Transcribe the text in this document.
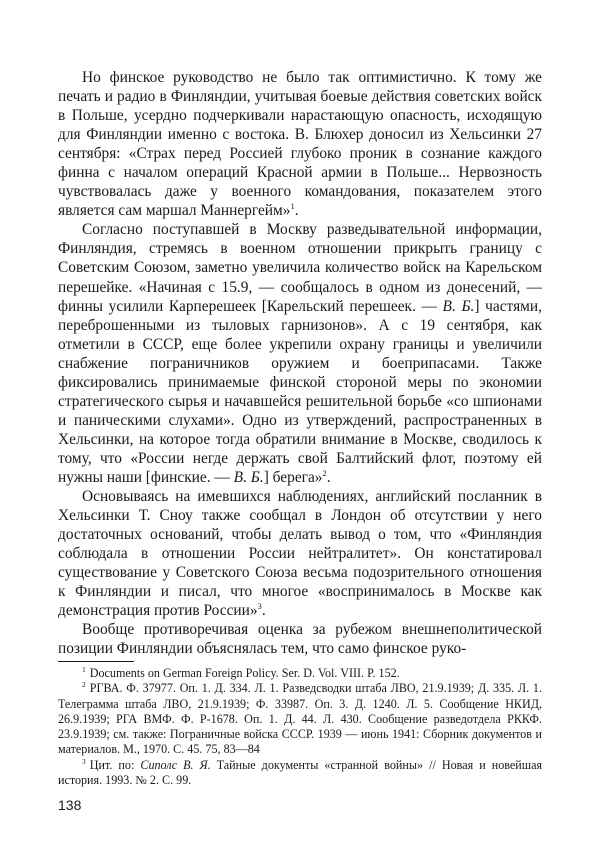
Но финское руководство не было так оптимистично. К тому же печать и радио в Финляндии, учитывая боевые действия советских войск в Польше, усердно подчеркивали нарастающую опасность, исходящую для Финляндии именно с востока. В. Блюхер доносил из Хельсинки 27 сентября: «Страх перед Россией глубоко проник в сознание каждого финна с началом операций Красной армии в Польше... Нервозность чувствовалась даже у военного командования, показателем этого является сам маршал Маннергейм»$^1$.

Согласно поступавшей в Москву разведывательной информации, Финляндия, стремясь в военном отношении прикрыть границу с Советским Союзом, заметно увеличила количество войск на Карельском перешейке. «Начиная с 15.9, — сообщалось в одном из донесений, — финны усилили Карперешеек [Карельский перешеек. — В. Б.] частями, переброшенными из тыловых гарнизонов». А с 19 сентября, как отметили в СССР, еще более укрепили охрану границы и увеличили снабжение пограничников оружием и боеприпасами. Также фиксировались принимаемые финской стороной меры по экономии стратегического сырья и начавшейся решительной борьбе «со шпионами и паническими слухами». Одно из утверждений, распространенных в Хельсинки, на которое тогда обратили внимание в Москве, сводилось к тому, что «России негде держать свой Балтийский флот, поэтому ей нужны наши [финские. — В. Б.] берега»$^2$.

Основываясь на имевшихся наблюдениях, английский посланник в Хельсинки Т. Сноу также сообщал в Лондон об отсутствии у него достаточных оснований, чтобы делать вывод о том, что «Финляндия соблюдала в отношении России нейтралитет». Он констатировал существование у Советского Союза весьма подозрительного отношения к Финляндии и писал, что многое «воспринималось в Москве как демонстрация против России»$^3$.

Вообще противоречивая оценка за рубежом внешнеполитической позиции Финляндии объяснялась тем, что само финское руко-

$^1$ Documents on German Foreign Policy. Ser. D. Vol. VIII. P. 152.

$^2$ РГВА. Ф. 37977. Оп. 1. Д. 334. Л. 1. Разведсводки штаба ЛВО, 21.9.1939; Д. 335. Л. 1. Телеграмма штаба ЛВО, 21.9.1939; Ф. 33987. Оп. 3. Д. 1240. Л. 5. Сообщение НКИД, 26.9.1939; РГА ВМФ. Ф. Р-1678. Оп. 1. Д. 44. Л. 430. Сообщение разведотдела РККФ. 23.9.1939; см. также: Пограничные войска СССР. 1939 — июнь 1941: Сборник документов и материалов. М., 1970. С. 45. 75, 83—84

$^3$ Цит. по: Сиполс В. Я. Тайные документы «странной войны» // Новая и новейшая история. 1993. № 2. С. 99.

138
